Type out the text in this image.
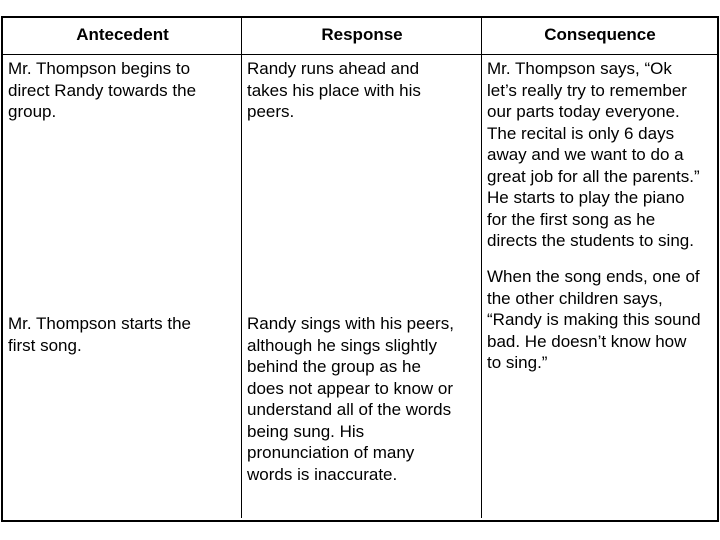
Antecedent	Response	Consequence
Mr. Thompson begins to
direct Randy towards the
group.
Randy runs ahead and
takes his place with his
peers.
Mr. Thompson says, “Ok
let’s really try to remember
our parts today everyone.
The recital is only 6 days
away and we want to do a
great job for all the parents.”
He starts to play the piano
for the first song as he
directs the students to sing.
Mr. Thompson starts the
first song.
Randy sings with his peers,
although he sings slightly
behind the group as he
does not appear to know or
understand all of the words
being sung. His
pronunciation of many
words is inaccurate.
When the song ends, one of
the other children says,
“Randy is making this sound
bad. He doesn’t know how
to sing.”
